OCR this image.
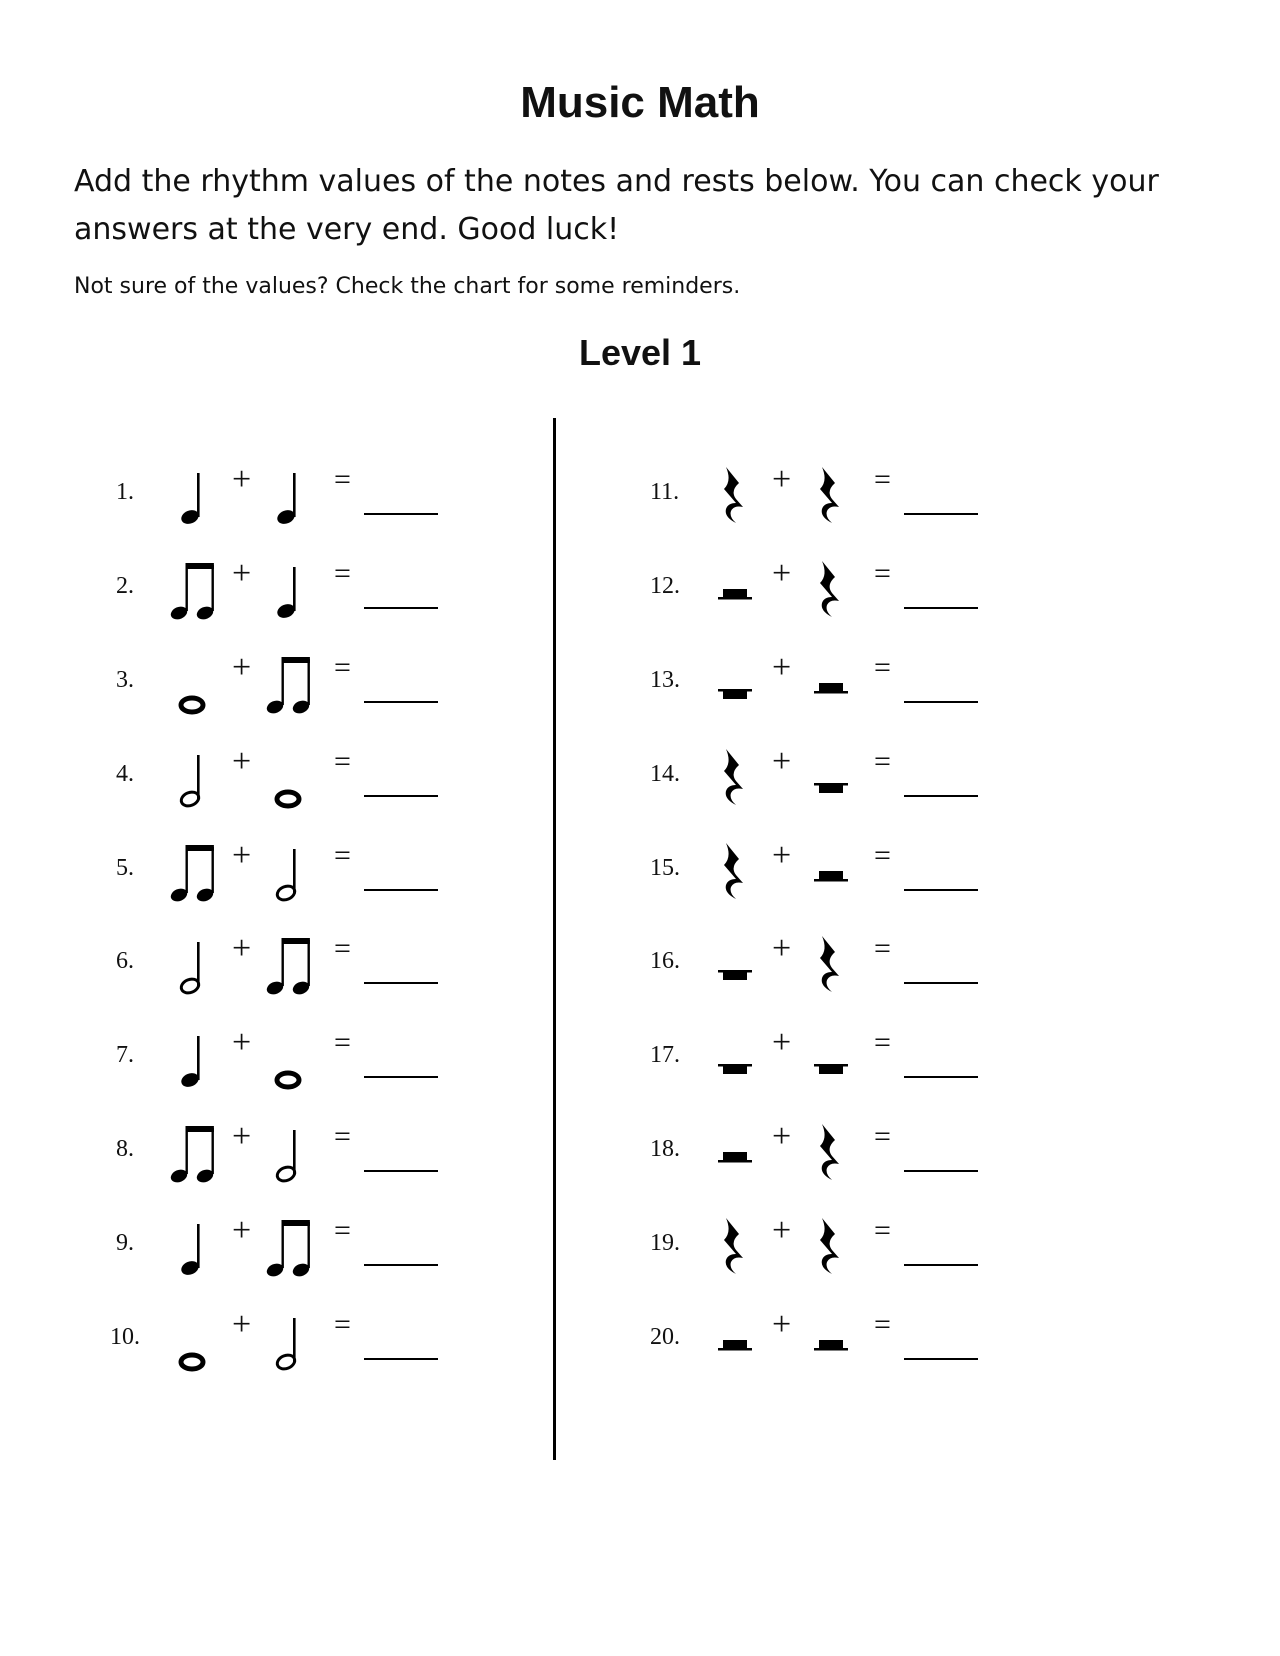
Music Math

Add the rhythm values of the notes and rests below. You can check your answers at the very end. Good luck!

Not sure of the values? Check the chart for some reminders.

Level 1
1.	+	=
2.	+	=
3.	+	=
4.	+	=
5.	+	=
6.	+	=
7.	+	=
8.	+	=
9.	+	=
10.	+	=
11.	+	=
12.	+	=
13.	+	=
14.	+	=
15.	+	=
16.	+	=
17.	+	=
18.	+	=
19.	+	=
20.	+	=
